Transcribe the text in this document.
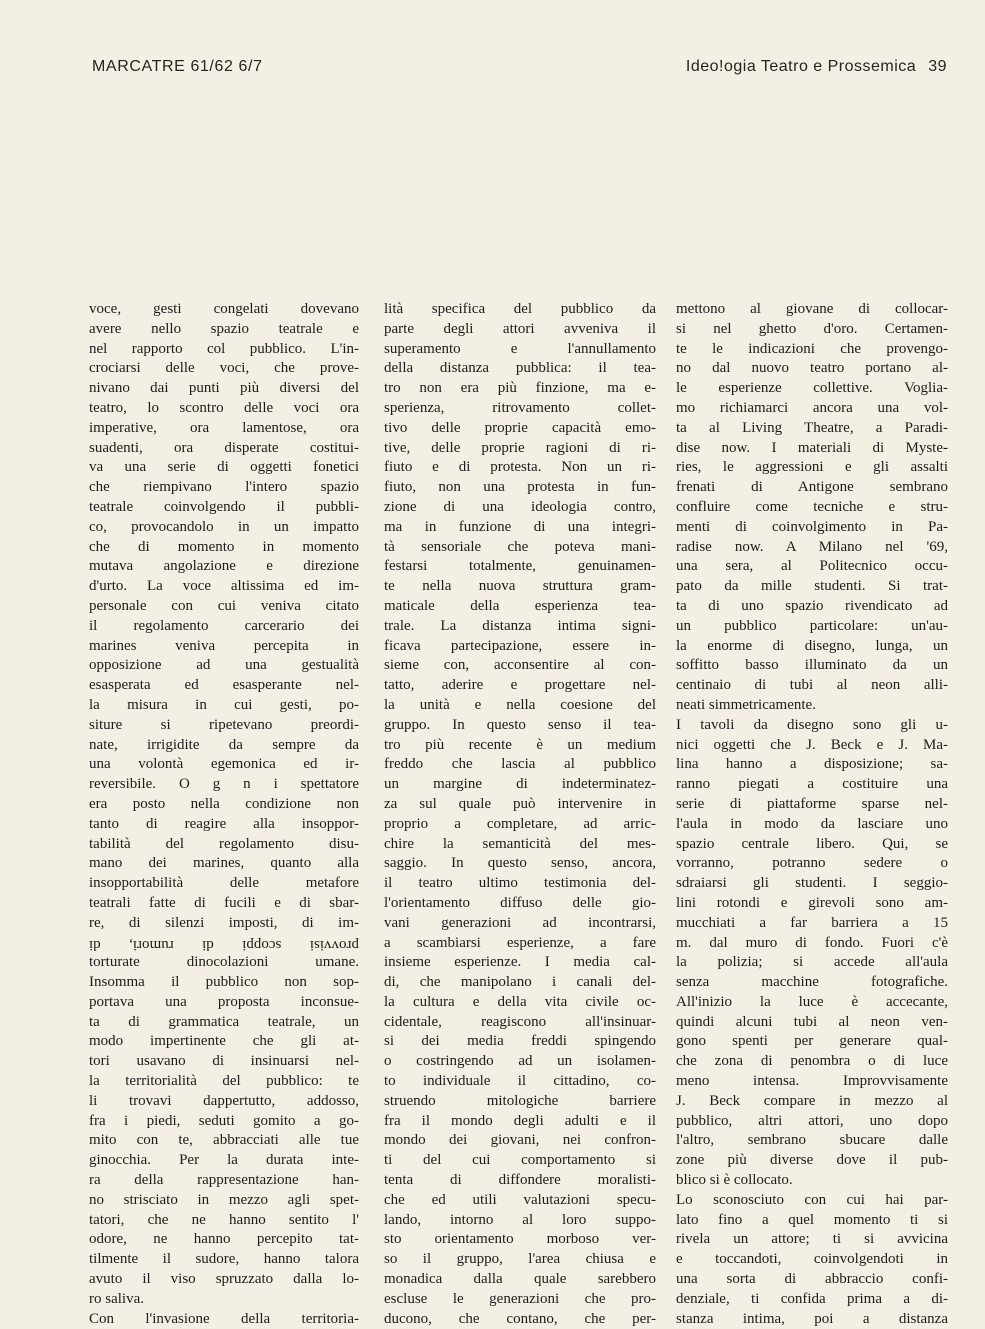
MARCATRE 61/62 6/7	Ideo!ogia Teatro e Prossemica 39
voce, gesti congelati dovevano
avere nello spazio teatrale e
nel rapporto col pubblico. L'in-
crociarsi delle voci, che prove-
nivano dai punti più diversi del
teatro, lo scontro delle voci ora
imperative, ora lamentose, ora
suadenti, ora disperate costitui-
va una serie di oggetti fonetici
che riempivano l'intero spazio
teatrale coinvolgendo il pubbli-
co, provocandolo in un impatto
che di momento in momento
mutava angolazione e direzione
d'urto. La voce altissima ed im-
personale con cui veniva citato
il regolamento carcerario dei
marines veniva percepita in
opposizione ad una gestualità
esasperata ed esasperante nel-
la misura in cui gesti, po-
siture si ripetevano preordi-
nate, irrigidite da sempre da
una volontà egemonica ed ir-
reversibile. O g n i spettatore
era posto nella condizione non
tanto di reagire alla insoppor-
tabilità del regolamento disu-
mano dei marines, quanto alla
insopportabilità delle metafore
teatrali fatte di fucili e di sbar-
re, di silenzi imposti, di im-
provvisi scoppi di rumori, di
torturate dinocolazioni umane.
Insomma il pubblico non sop-
portava una proposta inconsue-
ta di grammatica teatrale, un
modo impertinente che gli at-
tori usavano di insinuarsi nel-
la territorialità del pubblico: te
li trovavi dappertutto, addosso,
fra i piedi, seduti gomito a go-
mito con te, abbracciati alle tue
ginocchia. Per la durata inte-
ra della rappresentazione han-
no strisciato in mezzo agli spet-
tatori, che ne hanno sentito l'
odore, ne hanno percepito tat-
tilmente il sudore, hanno talora
avuto il viso spruzzato dalla lo-
ro saliva.
Con l'invasione della territoria-
lità specifica del pubblico da
parte degli attori avveniva il
superamento e l'annullamento
della distanza pubblica: il tea-
tro non era più finzione, ma e-
sperienza, ritrovamento collet-
tivo delle proprie capacità emo-
tive, delle proprie ragioni di ri-
fiuto e di protesta. Non un ri-
fiuto, non una protesta in fun-
zione di una ideologia contro,
ma in funzione di una integri-
tà sensoriale che poteva mani-
festarsi totalmente, genuinamen-
te nella nuova struttura gram-
maticale della esperienza tea-
trale. La distanza intima signi-
ficava partecipazione, essere in-
sieme con, acconsentire al con-
tatto, aderire e progettare nel-
la unità e nella coesione del
gruppo. In questo senso il tea-
tro più recente è un medium
freddo che lascia al pubblico
un margine di indeterminatez-
za sul quale può intervenire in
proprio a completare, ad arric-
chire la semanticità del mes-
saggio. In questo senso, ancora,
il teatro ultimo testimonia del-
l'orientamento diffuso delle gio-
vani generazioni ad incontrarsi,
a scambiarsi esperienze, a fare
insieme esperienze. I media cal-
di, che manipolano i canali del-
la cultura e della vita civile oc-
cidentale, reagiscono all'insinuar-
si dei media freddi spingendo
o costringendo ad un isolamen-
to individuale il cittadino, co-
struendo mitologiche barriere
fra il mondo degli adulti e il
mondo dei giovani, nei confron-
ti del cui comportamento si
tenta di diffondere moralisti-
che ed utili valutazioni specu-
lando, intorno al loro suppo-
sto orientamento morboso ver-
so il gruppo, l'area chiusa e
monadica dalla quale sarebbero
escluse le generazioni che pro-
ducono, che contano, che per-
mettono al giovane di collocar-
si nel ghetto d'oro. Certamen-
te le indicazioni che provengo-
no dal nuovo teatro portano al-
le esperienze collettive. Voglia-
mo richiamarci ancora una vol-
ta al Living Theatre, a Paradi-
dise now. I materiali di Myste-
ries, le aggressioni e gli assalti
frenati di Antigone sembrano
confluire come tecniche e stru-
menti di coinvolgimento in Pa-
radise now. A Milano nel '69,
una sera, al Politecnico occu-
pato da mille studenti. Si trat-
ta di uno spazio rivendicato ad
un pubblico particolare: un'au-
la enorme di disegno, lunga, un
soffitto basso illuminato da un
centinaio di tubi al neon alli-
neati simmetricamente.
I tavoli da disegno sono gli u-
nici oggetti che J. Beck e J. Ma-
lina hanno a disposizione; sa-
ranno piegati a costituire una
serie di piattaforme sparse nel-
l'aula in modo da lasciare uno
spazio centrale libero. Qui, se
vorranno, potranno sedere o
sdraiarsi gli studenti. I seggio-
lini rotondi e girevoli sono am-
mucchiati a far barriera a 15
m. dal muro di fondo. Fuori c'è
la polizia; si accede all'aula
senza macchine fotografiche.
All'inizio la luce è accecante,
quindi alcuni tubi al neon ven-
gono spenti per generare qual-
che zona di penombra o di luce
meno intensa. Improvvisamente
J. Beck compare in mezzo al
pubblico, altri attori, uno dopo
l'altro, sembrano sbucare dalle
zone più diverse dove il pub-
blico si è collocato.
Lo sconosciuto con cui hai par-
lato fino a quel momento ti si
rivela un attore; ti si avvicina
e toccandoti, coinvolgendoti in
una sorta di abbraccio confi-
denziale, ti confida prima a di-
stanza intima, poi a distanza
